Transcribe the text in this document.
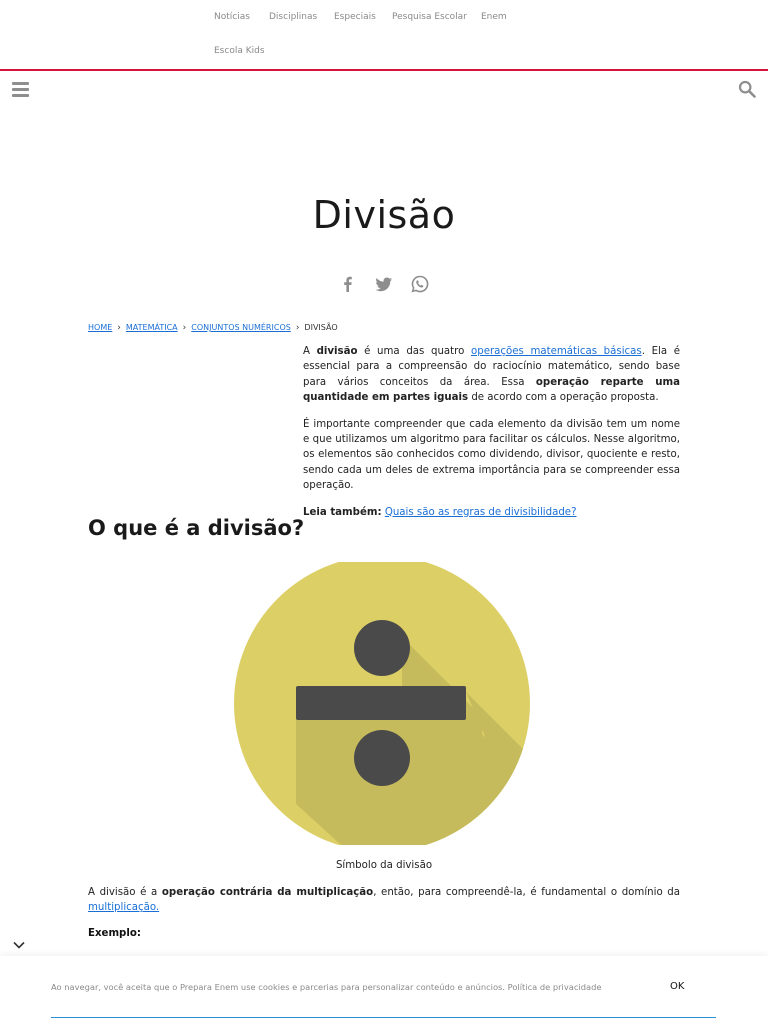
Notícias Disciplinas Especiais Pesquisa Escolar Enem
Escola Kids
Divisão
HOME › MATEMÁTICA › CONJUNTOS NUMÉRICOS › DIVISÃO

A divisão é uma das quatro operações matemáticas básicas. Ela é essencial para a compreensão do raciocínio matemático, sendo base para vários conceitos da área. Essa operação reparte uma quantidade em partes iguais de acordo com a operação proposta.

É importante compreender que cada elemento da divisão tem um nome e que utilizamos um algoritmo para facilitar os cálculos. Nesse algoritmo, os elementos são conhecidos como dividendo, divisor, quociente e resto, sendo cada um deles de extrema importância para se compreender essa operação.

Leia também: Quais são as regras de divisibilidade?

O que é a divisão?
Símbolo da divisão

A divisão é a operação contrária da multiplicação, então, para compreendê-la, é fundamental o domínio da multiplicação.

Exemplo:
Ao navegar, você aceita que o Prepara Enem use cookies e parcerias para personalizar conteúdo e anúncios. Política de privacidade	OK
